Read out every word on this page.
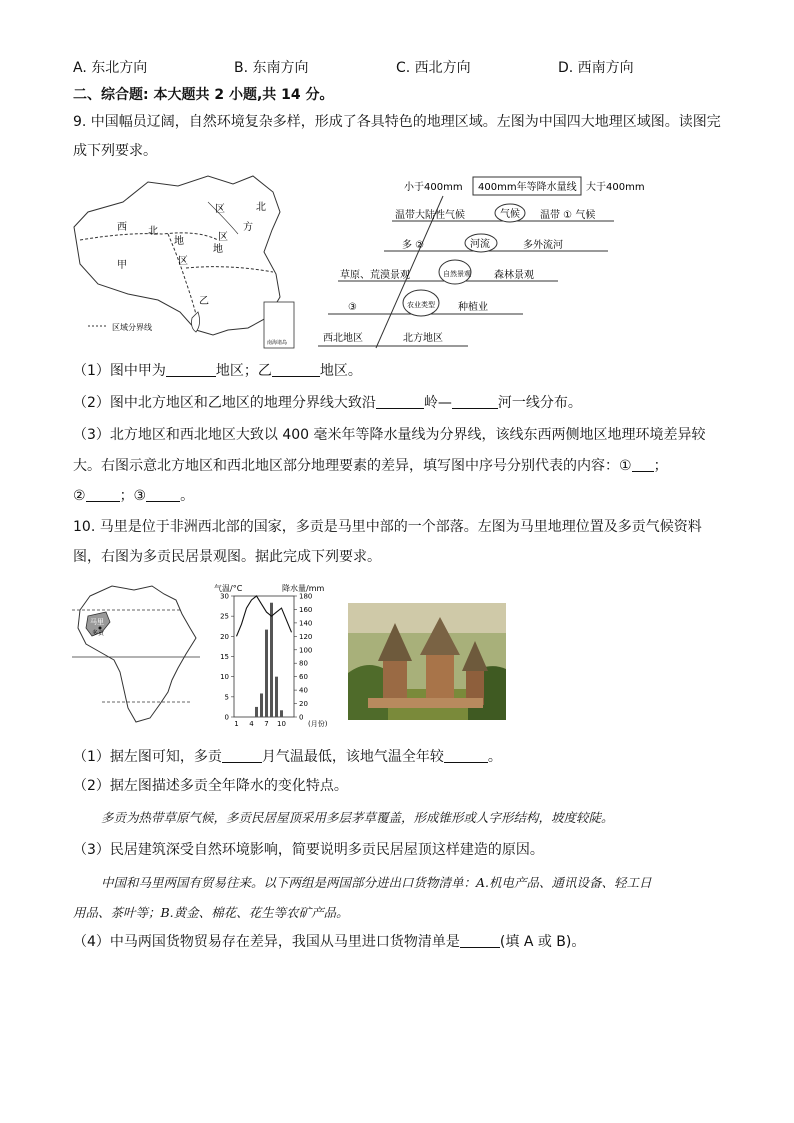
A. 东北方向	B. 东南方向	C. 西北方向	D. 西南方向
二、综合题: 本大题共 2 小题,共 14 分。
9. 中国幅员辽阔，自然环境复杂多样，形成了各具特色的地理区域。左图为中国四大地理区域图。读图完
成下列要求。
西 北
地
北
方
区
地
区
甲
乙
区
区域分界线
南海诸岛
小于400mm 400mm年等降水量线 大于400mm
温带大陆性气候	气候 温带 ① 气候
多 ②	河流	多外流河
草原、荒漠景观	自然景观 森林景观
③	农业类型 种植业
西北地区	北方地区
（1）图中甲为	地区；乙	地区。
（2）图中北方地区和乙地区的地理分界线大致沿	岭—	河一线分布。
（3）北方地区和西北地区大致以 400 毫米年等降水量线为分界线，该线东西两侧地区地理环境差异较
大。右图示意北方地区和西北地区部分地理要素的差异，填写图中序号分别代表的内容：① ；
② ；③ 。
10. 马里是位于非洲西北部的国家，多贡是马里中部的一个部落。左图为马里地理位置及多贡气候资料
图，右图为多贡民居景观图。据此完成下列要求。
马里
多贡
气温/°C	降水量/mm
0
5
10
15
20
25
30
0
20
40
60
80
100
120
140
160
180
1 4 7 10	(月份)
（1）据左图可知，多贡	月气温最低，该地气温全年较	。
（2）据左图描述多贡全年降水的变化特点。
多贡为热带草原气候，多贡民居屋顶采用多层茅草覆盖，形成锥形或人字形结构，坡度较陡。
（3）民居建筑深受自然环境影响，简要说明多贡民居屋顶这样建造的原因。
中国和马里两国有贸易往来。以下两组是两国部分进出口货物清单：A.机电产品、通讯设备、轻工日
用品、茶叶等；B.黄金、棉花、花生等农矿产品。
（4）中马两国货物贸易存在差异，我国从马里进口货物清单是	(填 A 或 B)。
